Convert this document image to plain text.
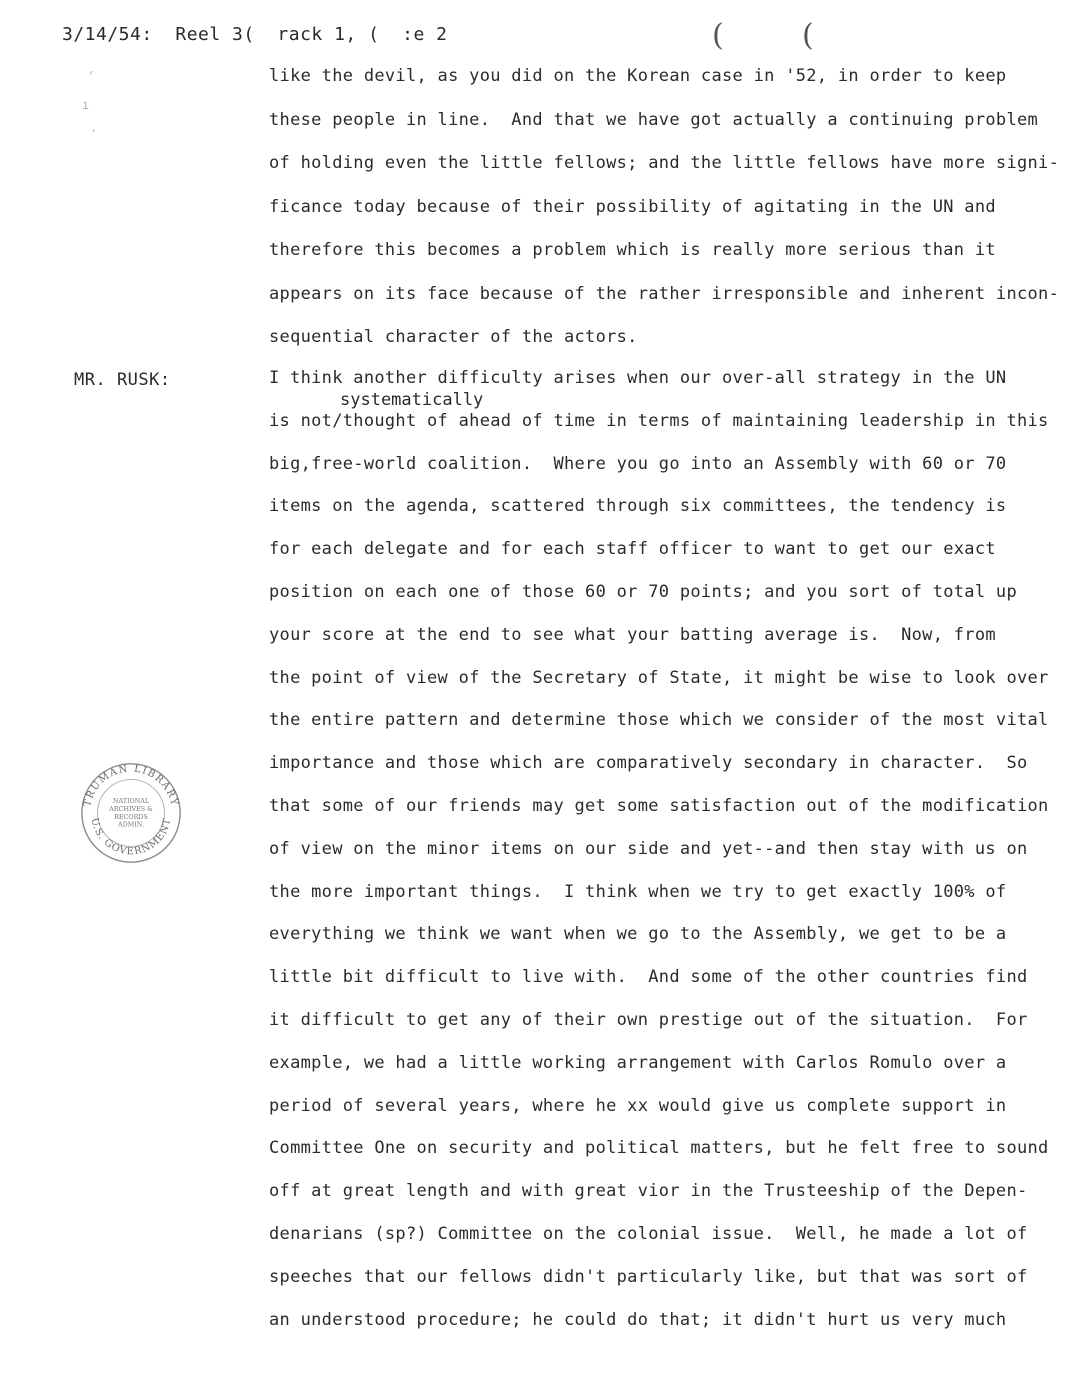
3/14/54:  Reel 3(  rack 1, (  :e 2	(	(
ʳ
ı
·
like the devil, as you did on the Korean case in '52, in order to keep
these people in line.  And that we have got actually a continuing problem
of holding even the little fellows; and the little fellows have more signi-
ficance today because of their possibility of agitating in the UN and
therefore this becomes a problem which is really more serious than it
appears on its face because of the rather irresponsible and inherent incon-
sequential character of the actors.
MR. RUSK:
systematically
I think another difficulty arises when our over-all strategy in the UN
is not/thought of ahead of time in terms of maintaining leadership in this
big,free-world coalition.  Where you go into an Assembly with 60 or 70
items on the agenda, scattered through six committees, the tendency is
for each delegate and for each staff officer to want to get our exact
position on each one of those 60 or 70 points; and you sort of total up
your score at the end to see what your batting average is.  Now, from
the point of view of the Secretary of State, it might be wise to look over
the entire pattern and determine those which we consider of the most vital
importance and those which are comparatively secondary in character.  So
that some of our friends may get some satisfaction out of the modification
of view on the minor items on our side and yet--and then stay with us on
the more important things.  I think when we try to get exactly 100% of
everything we think we want when we go to the Assembly, we get to be a
little bit difficult to live with.  And some of the other countries find
it difficult to get any of their own prestige out of the situation.  For
example, we had a little working arrangement with Carlos Romulo over a
period of several years, where he xx would give us complete support in
Committee One on security and political matters, but he felt free to sound
off at great length and with great vior in the Trusteeship of the Depen-
denarians (sp?) Committee on the colonial issue.  Well, he made a lot of
speeches that our fellows didn't particularly like, but that was sort of
an understood procedure; he could do that; it didn't hurt us very much
TRUMAN LIBRARY
U.S. GOVERNMENT
NATIONAL
ARCHIVES &
RECORDS
ADMIN.
